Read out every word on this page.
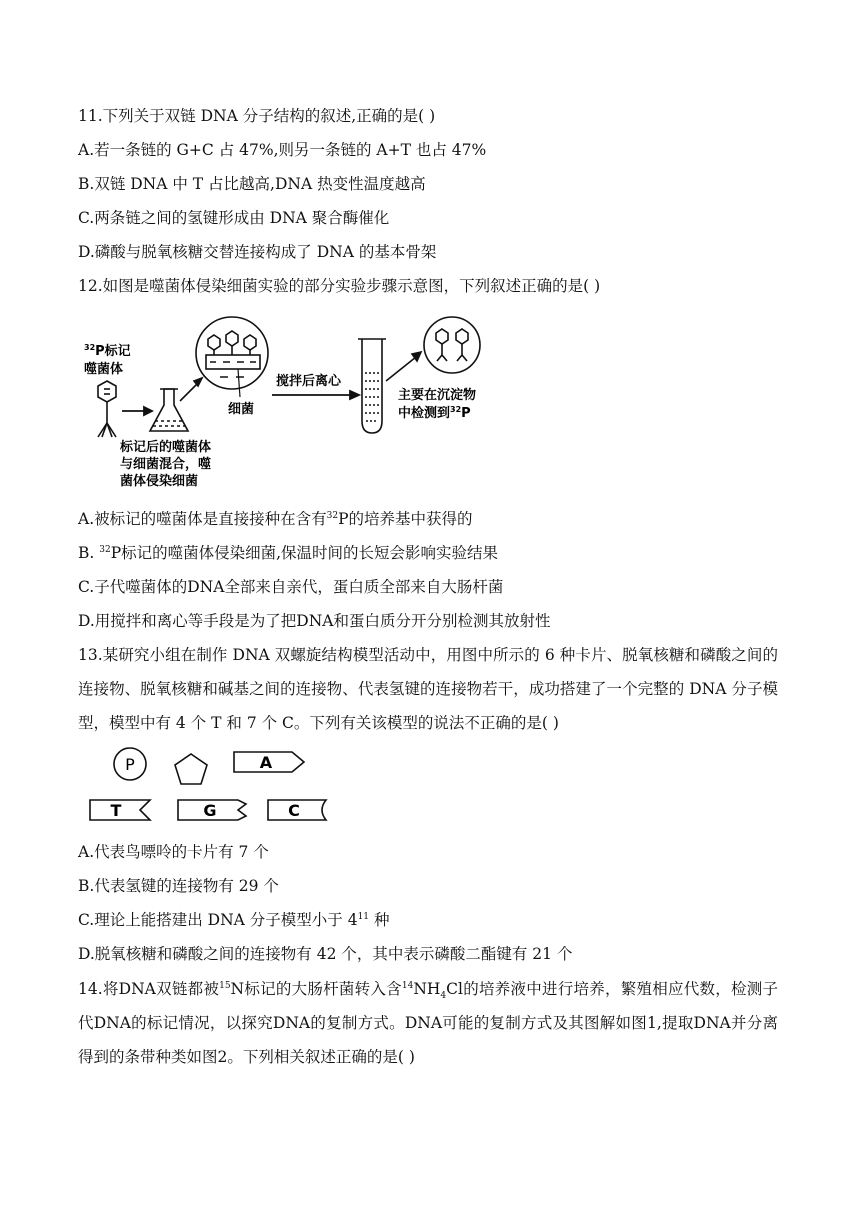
11.下列关于双链 DNA 分子结构的叙述,正确的是( )
A.若一条链的 G+C 占 47%,则另一条链的 A+T 也占 47%
B.双链 DNA 中 T 占比越高,DNA 热变性温度越高
C.两条链之间的氢键形成由 DNA 聚合酶催化
D.磷酸与脱氧核糖交替连接构成了 DNA 的基本骨架
12.如图是噬菌体侵染细菌实验的部分实验步骤示意图，下列叙述正确的是( )
$^{32}$P标记
噬菌体
标记后的噬菌体
与细菌混合，噬
菌体侵染细菌
细菌
搅拌后离心
主要在沉淀物
中检测到$^{32}$P
A.被标记的噬菌体是直接接种在含有$^{32}$P的培养基中获得的
B. $^{32}$P标记的噬菌体侵染细菌,保温时间的长短会影响实验结果
C.子代噬菌体的DNA全部来自亲代，蛋白质全部来自大肠杆菌
D.用搅拌和离心等手段是为了把DNA和蛋白质分开分别检测其放射性
13.某研究小组在制作 DNA 双螺旋结构模型活动中，用图中所示的 6 种卡片、脱氧核糖和磷酸之间的连接物、脱氧核糖和碱基之间的连接物、代表氢键的连接物若干，成功搭建了一个完整的 DNA 分子模型，模型中有 4 个 T 和 7 个 C。下列有关该模型的说法不正确的是( )
P	A
T	G	C
A.代表鸟嘌呤的卡片有 7 个
B.代表氢键的连接物有 29 个
C.理论上能搭建出 DNA 分子模型小于 $4^{11}$ 种
D.脱氧核糖和磷酸之间的连接物有 42 个，其中表示磷酸二酯键有 21 个
14.将DNA双链都被$^{15}$N标记的大肠杆菌转入含$^{14}NH_4Cl$的培养液中进行培养，繁殖相应代数，检测子代DNA的标记情况，以探究DNA的复制方式。DNA可能的复制方式及其图解如图1,提取DNA并分离得到的条带种类如图2。下列相关叙述正确的是( )
